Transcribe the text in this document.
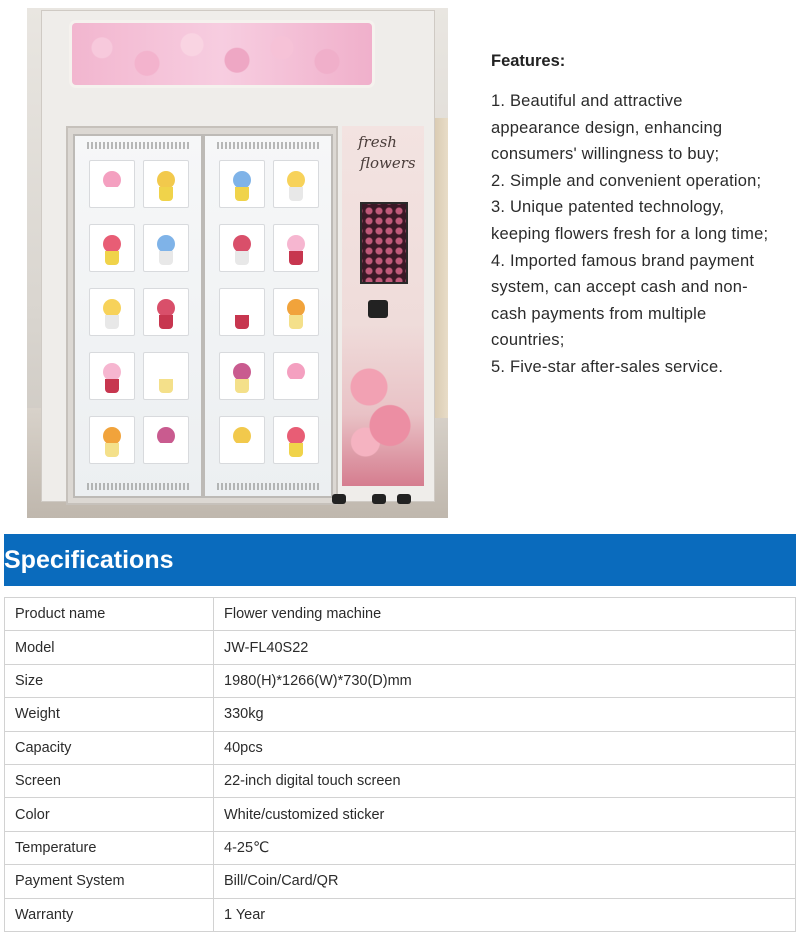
fresh
flowers
Features:
1. Beautiful and attractive
appearance design, enhancing
consumers' willingness to buy;
2. Simple and convenient operation;
3. Unique patented technology,
keeping flowers fresh for a long time;
4. Imported famous brand payment
system, can accept cash and non-
cash payments from multiple
countries;
5. Five-star after-sales service.
Specifications
Product name	Flower vending machine
Model	JW-FL40S22
Size	1980(H)*1266(W)*730(D)mm
Weight	330kg
Capacity	40pcs
Screen	22-inch digital touch screen
Color	White/customized sticker
Temperature	4-25℃
Payment System	Bill/Coin/Card/QR
Warranty	1 Year
